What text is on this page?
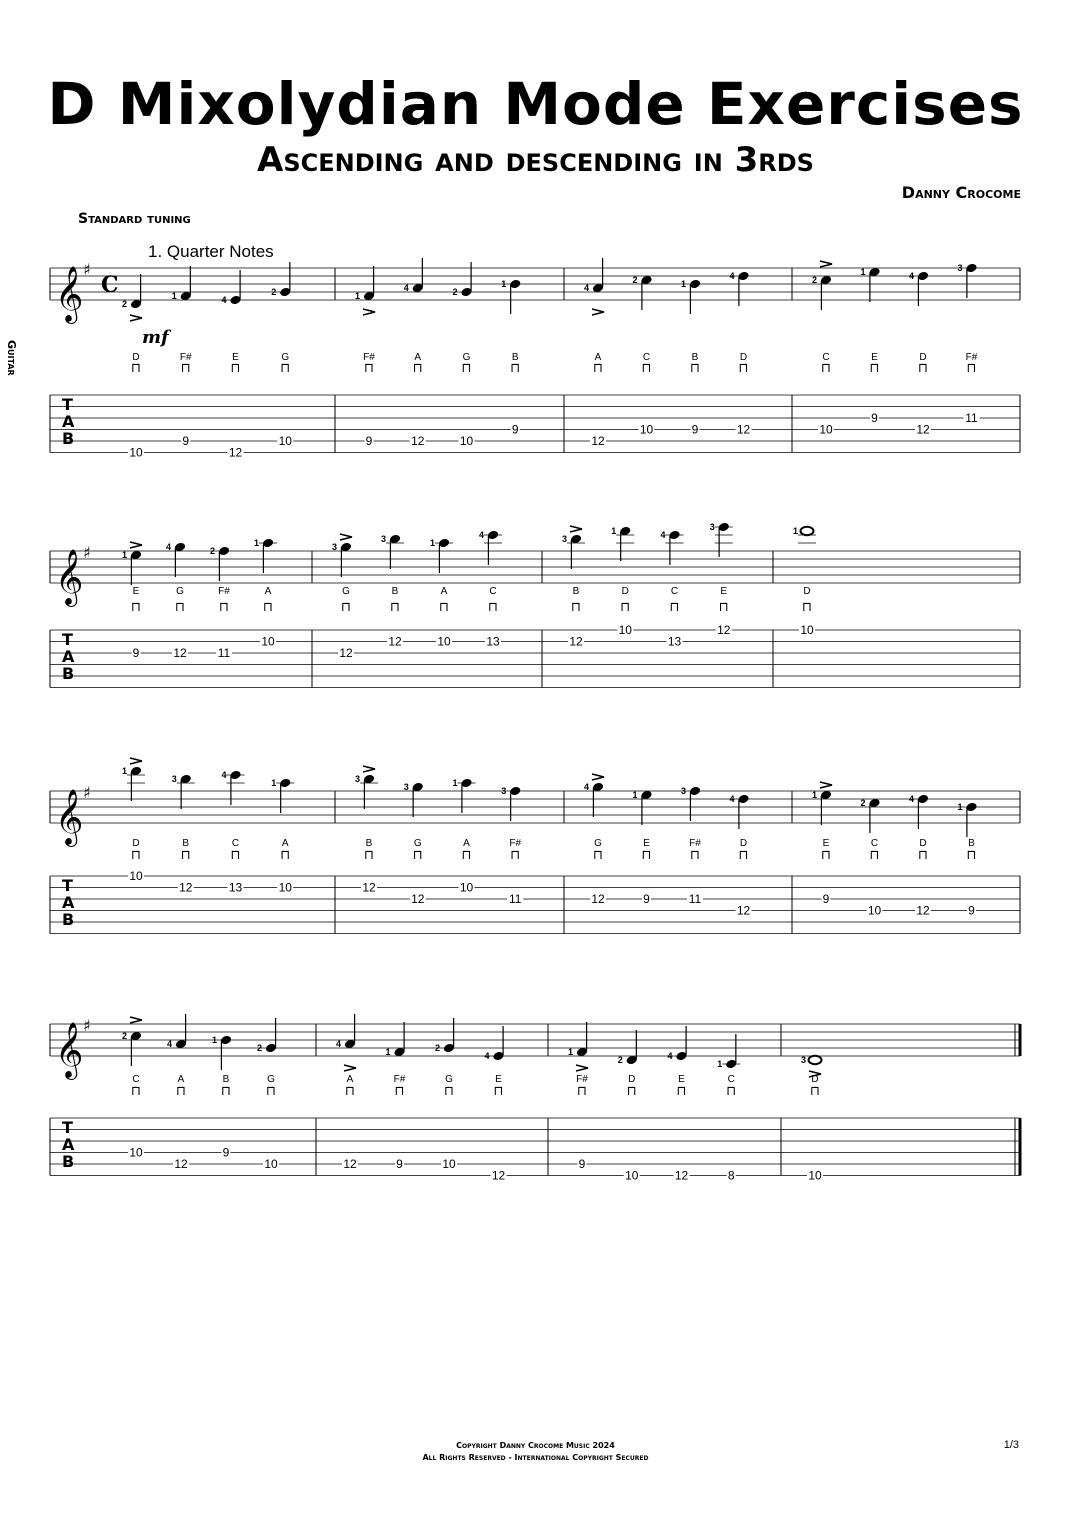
D Mixolydian Mode Exercises
Ascending and descending in 3rds
Danny Crocome
Standard tuning
Guitar
1. Quarter Notes
𝄞 ♯
T
A
B
C
mf
2
D
⊓
10
1
F#
⊓
9
4
E
⊓
12
2
G
⊓
10
1
F#
⊓
9
4
A
⊓
12
2
G
⊓
10
1
B
⊓
9
4
A
⊓
12
2
C
⊓
10
1
B
⊓
9
4
D
⊓
12
2
C
⊓
10
1
E
⊓
9
4
D
⊓
12
3
F#
⊓
11
𝄞 ♯
T
A
B
1
E
⊓
9
4
G
⊓
12
2
F#
⊓
11
1
A
⊓
10
3
G
⊓
12
3
B
⊓
12
1
A
⊓
10
4
C
⊓
13
3
B
⊓
12
1
D
⊓
10
4
C
⊓
13
3
E
⊓
12
1
D
⊓
10
𝄞 ♯
T
A
B
1
D
⊓
10
3
B
⊓
12
4
C
⊓
13
1
A
⊓
10
3
B
⊓
12
3
G
⊓
12
1
A
⊓
10
3
F#
⊓
11
4
G
⊓
12
1
E
⊓
9
3
F#
⊓
11
4
D
⊓
12
1
E
⊓
9
2
C
⊓
10
4
D
⊓
12
1
B
⊓
9
𝄞 ♯
T
A
B
2
C
⊓
10
4
A
⊓
12
1
B
⊓
9
2
G
⊓
10
4
A
⊓
12
1
F#
⊓
9
2
G
⊓
10
4
E
⊓
12
1
F#
⊓
9
2
D
⊓
10
4
E
⊓
12
1
C
⊓
8
3
D
⊓
10
Copyright Danny Crocome Music 2024
All Rights Reserved - International Copyright Secured
1/3
